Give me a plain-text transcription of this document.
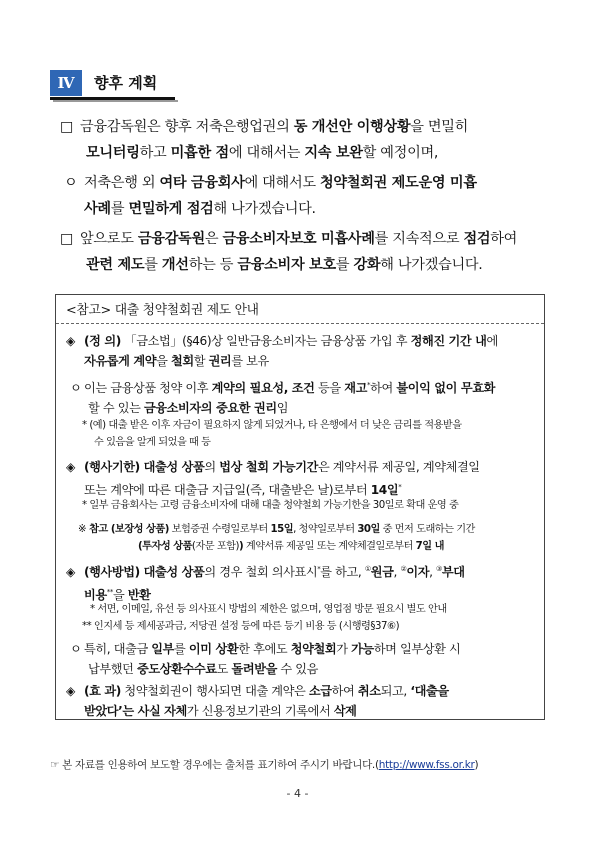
Ⅳ	향후 계획
□ 금융감독원은 향후 저축은행업권의 동 개선안 이행상황을 면밀히
모니터링하고 미흡한 점에 대해서는 지속 보완할 예정이며,
ㅇ 저축은행 외 여타 금융회사에 대해서도 청약철회권 제도운영 미흡
사례를 면밀하게 점검해 나가겠습니다.
□ 앞으로도 금융감독원은 금융소비자보호 미흡사례를 지속적으로 점검하여
관련 제도를 개선하는 등 금융소비자 보호를 강화해 나가겠습니다.
<참고> 대출 청약철회권 제도 안내
◈ (정 의) 「금소법」(§46)상 일반금융소비자는 금융상품 가입 후 정해진 기간 내에
자유롭게 계약을 철회할 권리를 보유
ㅇ 이는 금융상품 청약 이후 계약의 필요성, 조건 등을 재고*하여 불이익 없이 무효화
할 수 있는 금융소비자의 중요한 권리임
* (예) 대출 받은 이후 자금이 필요하지 않게 되었거나, 타 은행에서 더 낮은 금리를 적용받을
수 있음을 알게 되었을 때 등
◈ (행사기한) 대출성 상품의 법상 철회 가능기간은 계약서류 제공일, 계약체결일
또는 계약에 따른 대출금 지급일(즉, 대출받은 날)로부터 14일*
* 일부 금융회사는 고령 금융소비자에 대해 대출 청약철회 가능기한을 30일로 확대 운영 중
※ 참고 (보장성 상품) 보험증권 수령일로부터 15일, 청약일로부터 30일 중 먼저 도래하는 기간
(투자성 상품(자문 포함)) 계약서류 제공일 또는 계약체결일로부터 7일 내
◈ (행사방법) 대출성 상품의 경우 철회 의사표시*를 하고, ①원금, ②이자, ③부대
비용**을 반환
* 서면, 이메일, 유선 등 의사표시 방법의 제한은 없으며, 영업점 방문 필요시 별도 안내
** 인지세 등 제세공과금, 저당권 설정 등에 따른 등기 비용 등 (시행령§37⑥)
ㅇ 특히, 대출금 일부를 이미 상환한 후에도 청약철회가 가능하며 일부상환 시
납부했던 중도상환수수료도 돌려받을 수 있음
◈ (효 과) 청약철회권이 행사되면 대출 계약은 소급하여 취소되고, ‘대출을
받았다’는 사실 자체가 신용정보기관의 기록에서 삭제
☞ 본 자료를 인용하여 보도할 경우에는 출처를 표기하여 주시기 바랍니다.(http://www.fss.or.kr)
- 4 -
